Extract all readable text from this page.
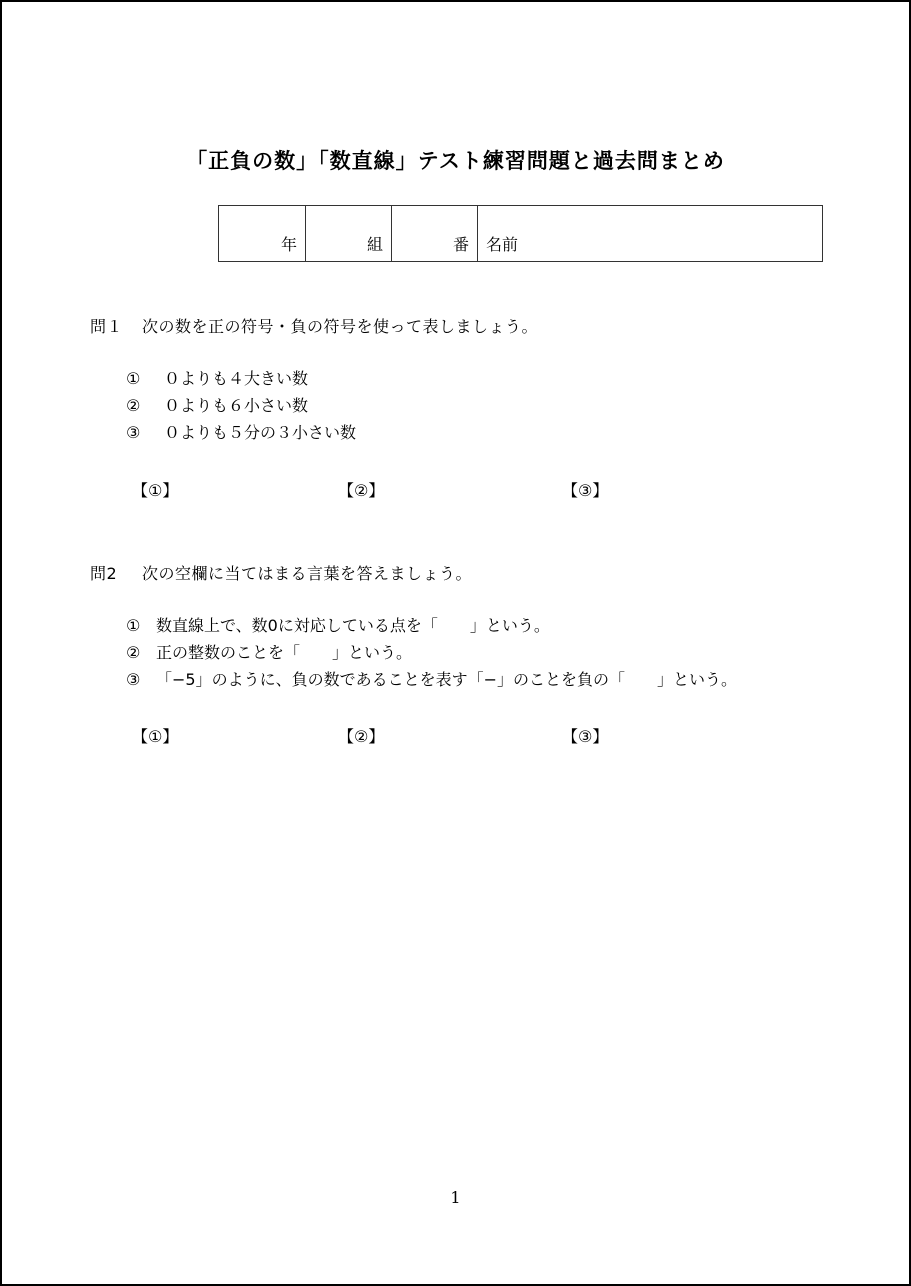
「正負の数」「数直線」テスト練習問題と過去問まとめ
年	組	番	名前
問１ 次の数を正の符号・負の符号を使って表しましょう。
① ０よりも４大きい数
② ０よりも６小さい数
③ ０よりも５分の３小さい数
【①】	【②】	【③】
問2 次の空欄に当てはまる言葉を答えましょう。
① 数直線上で、数0に対応している点を「　　」という。
② 正の整数のことを「　　」という。
③ 「−5」のように、負の数であることを表す「−」のことを負の「　　」という。
【①】	【②】	【③】
1
